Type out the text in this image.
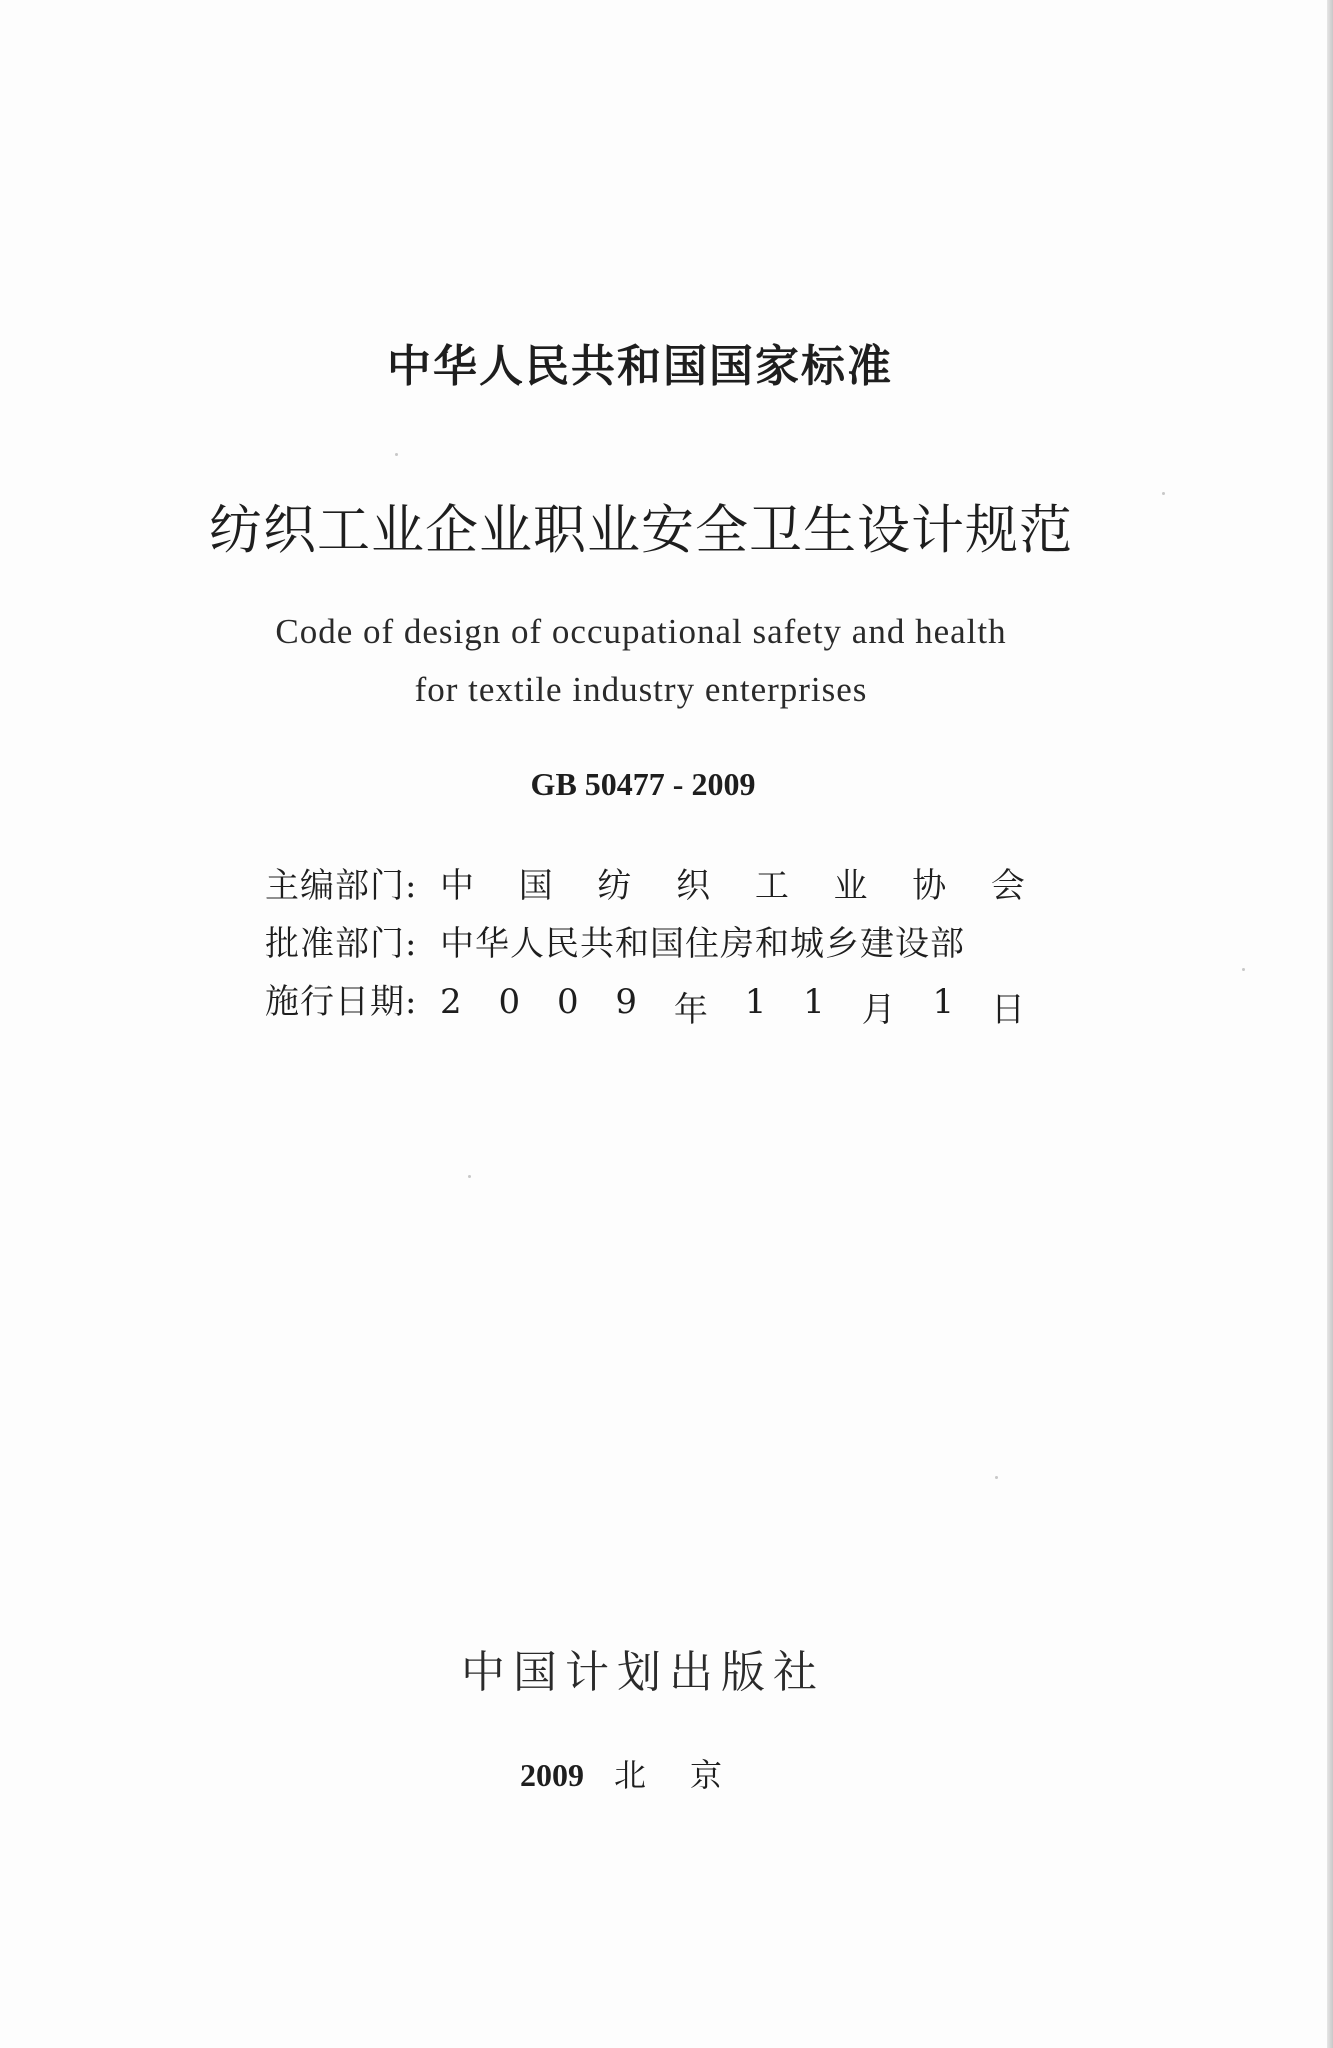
中华人民共和国国家标准
纺织工业企业职业安全卫生设计规范
Code of design of occupational safety and health
for textile industry enterprises
GB 50477 - 2009
主编部门: 中 国 纺 织 工 业 协 会
批准部门: 中华人民共和国住房和城乡建设部
施行日期: 2 0 0 9 年 1 1 月 1 日
中国计划出版社
2009 北京
